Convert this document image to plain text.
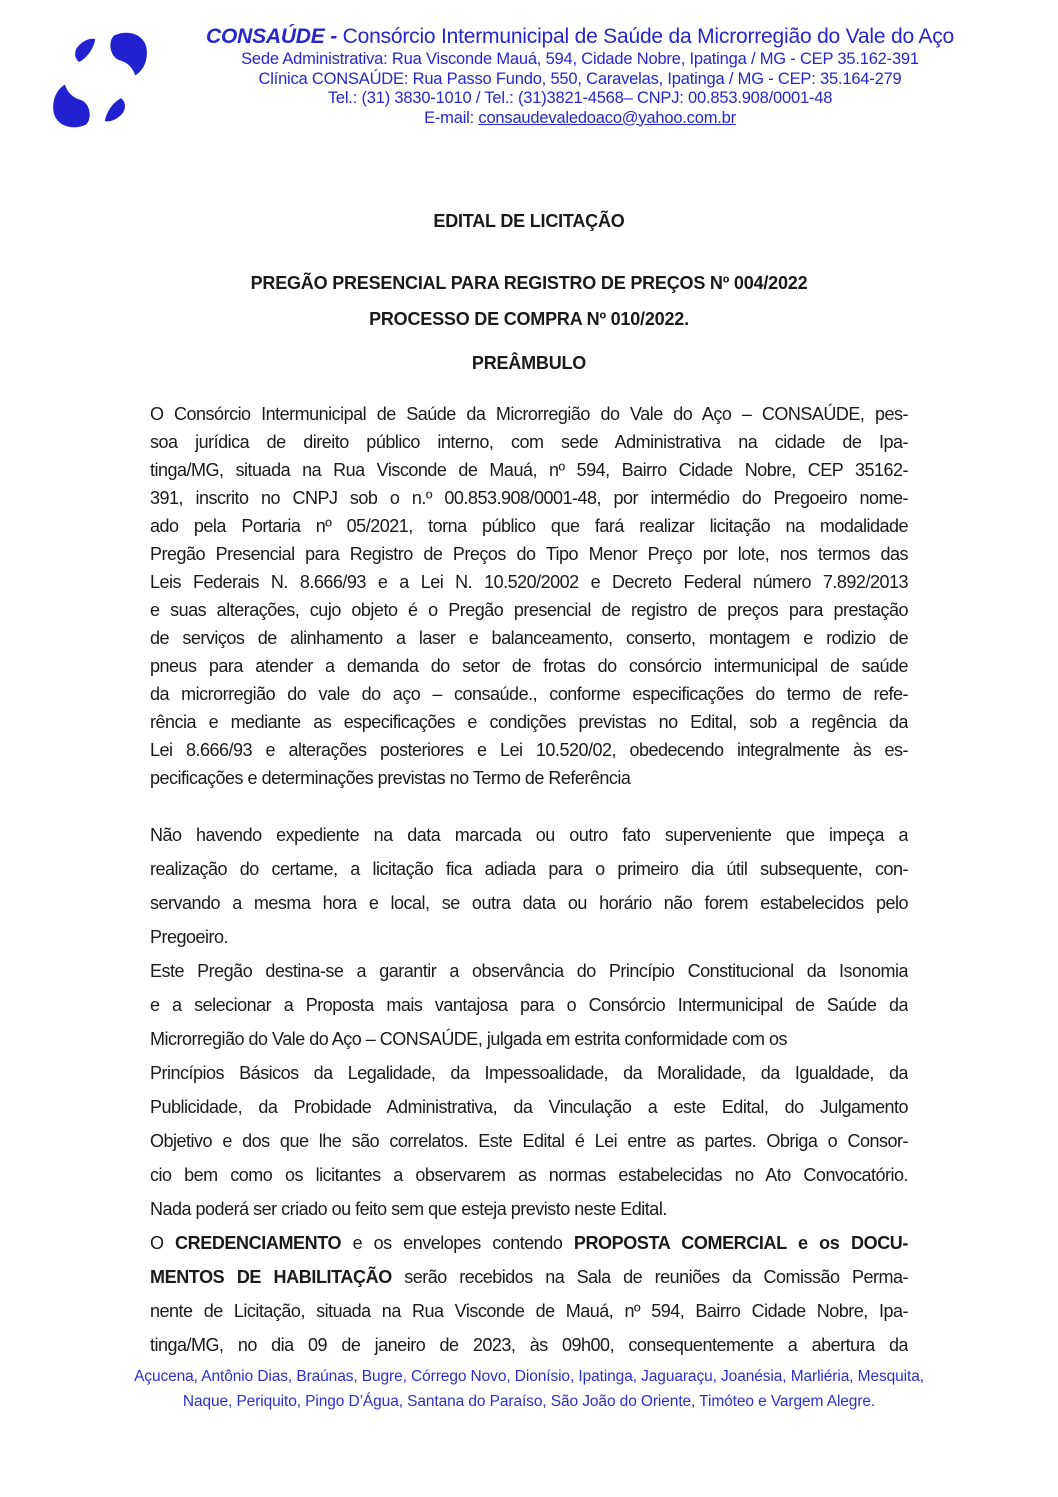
CONSAÚDE - Consórcio Intermunicipal de Saúde da Microrregião do Vale do Aço
Sede Administrativa: Rua Visconde Mauá, 594, Cidade Nobre, Ipatinga / MG - CEP 35.162-391
Clínica CONSAÚDE: Rua Passo Fundo, 550, Caravelas, Ipatinga / MG - CEP: 35.164-279
Tel.: (31) 3830-1010 / Tel.: (31)3821-4568– CNPJ: 00.853.908/0001-48
E-mail: consaudevaledoaco@yahoo.com.br
EDITAL DE LICITAÇÃO
PREGÃO PRESENCIAL PARA REGISTRO DE PREÇOS Nº 004/2022
PROCESSO DE COMPRA Nº 010/2022.
PREÂMBULO
O Consórcio Intermunicipal de Saúde da Microrregião do Vale do Aço – CONSAÚDE, pes-
soa jurídica de direito público interno, com sede Administrativa na cidade de Ipa-
tinga/MG, situada na Rua Visconde de Mauá, nº 594, Bairro Cidade Nobre, CEP 35162-
391, inscrito no CNPJ sob o n.º 00.853.908/0001-48, por intermédio do Pregoeiro nome-
ado pela Portaria nº 05/2021, torna público que fará realizar licitação na modalidade
Pregão Presencial para Registro de Preços do Tipo Menor Preço por lote, nos termos das
Leis Federais N. 8.666/93 e a Lei N. 10.520/2002 e Decreto Federal número 7.892/2013
e suas alterações, cujo objeto é o Pregão presencial de registro de preços para prestação
de serviços de alinhamento a laser e balanceamento, conserto, montagem e rodizio de
pneus para atender a demanda do setor de frotas do consórcio intermunicipal de saúde
da microrregião do vale do aço – consaúde., conforme especificações do termo de refe-
rência e mediante as especificações e condições previstas no Edital, sob a regência da
Lei 8.666/93 e alterações posteriores e Lei 10.520/02, obedecendo integralmente às es-
pecificações e determinações previstas no Termo de Referência
Não havendo expediente na data marcada ou outro fato superveniente que impeça a
realização do certame, a licitação fica adiada para o primeiro dia útil subsequente, con-
servando a mesma hora e local, se outra data ou horário não forem estabelecidos pelo
Pregoeiro.
Este Pregão destina-se a garantir a observância do Princípio Constitucional da Isonomia
e a selecionar a Proposta mais vantajosa para o Consórcio Intermunicipal de Saúde da
Microrregião do Vale do Aço – CONSAÚDE, julgada em estrita conformidade com os
Princípios Básicos da Legalidade, da Impessoalidade, da Moralidade, da Igualdade, da
Publicidade, da Probidade Administrativa, da Vinculação a este Edital, do Julgamento
Objetivo e dos que lhe são correlatos. Este Edital é Lei entre as partes. Obriga o Consor-
cio bem como os licitantes a observarem as normas estabelecidas no Ato Convocatório.
Nada poderá ser criado ou feito sem que esteja previsto neste Edital.
O CREDENCIAMENTO e os envelopes contendo PROPOSTA COMERCIAL e os DOCU-
MENTOS DE HABILITAÇÃO serão recebidos na Sala de reuniões da Comissão Perma-
nente de Licitação, situada na Rua Visconde de Mauá, nº 594, Bairro Cidade Nobre, Ipa-
tinga/MG, no dia 09 de janeiro de 2023, às 09h00, consequentemente a abertura da
Açucena, Antônio Dias, Braúnas, Bugre, Córrego Novo, Dionísio, Ipatinga, Jaguaraçu, Joanésia, Marliéria, Mesquita,
Naque, Periquito, Pingo D’Água, Santana do Paraíso, São João do Oriente, Timóteo e Vargem Alegre.
